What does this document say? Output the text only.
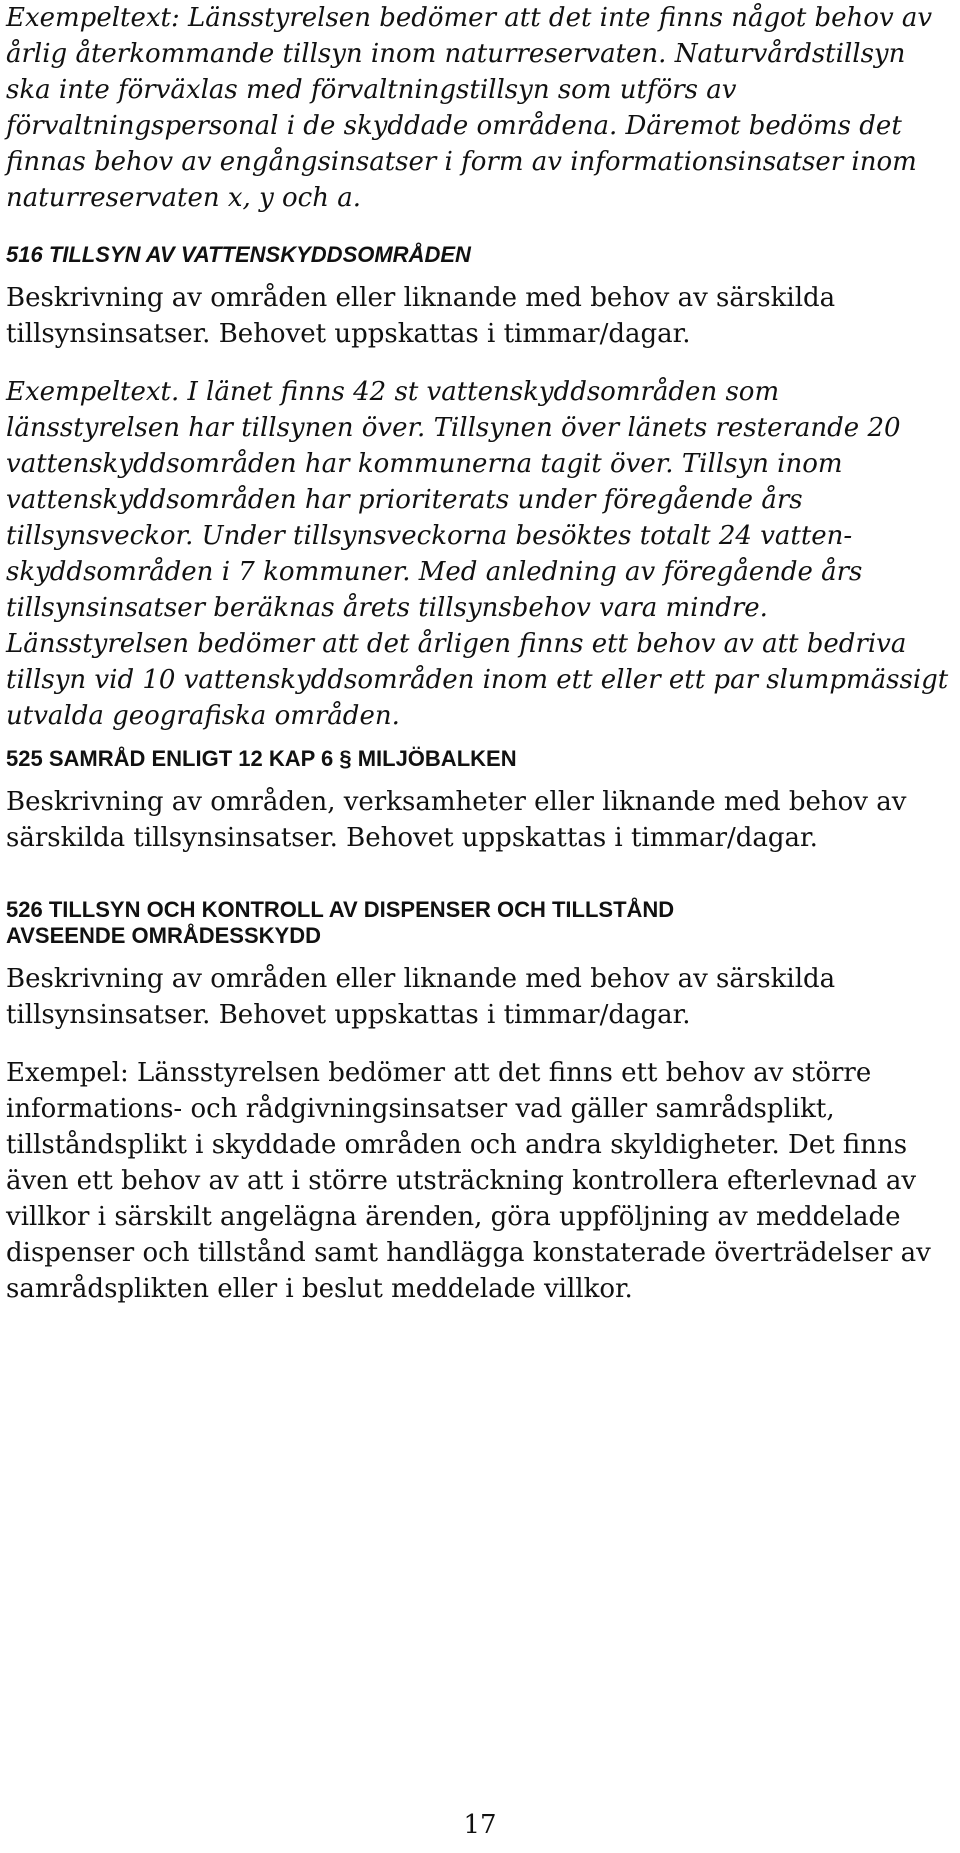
Exempeltext: Länsstyrelsen bedömer att det inte finns något behov av årlig återkommande tillsyn inom naturreservaten. Naturvårdstillsyn ska inte förväxlas med förvaltningstillsyn som utförs av förvaltningspersonal i de skyddade områdena. Däremot bedöms det finnas behov av engångsinsatser i form av informationsinsatser inom naturreservaten x, y och a.

516 TILLSYN AV VATTENSKYDDSOMRÅDEN

Beskrivning av områden eller liknande med behov av särskilda tillsynsinsatser. Behovet uppskattas i timmar/dagar.

Exempeltext. I länet finns 42 st vattenskyddsområden som länsstyrelsen har tillsynen över. Tillsynen över länets resterande 20 vattenskyddsområden har kommunerna tagit över. Tillsyn inom vattenskyddsområden har prioriterats under föregående års tillsynsveckor. Under tillsynsveckorna besöktes totalt 24 vatten-skyddsområden i 7 kommuner. Med anledning av föregående års tillsynsinsatser beräknas årets tillsynsbehov vara mindre. Länsstyrelsen bedömer att det årligen finns ett behov av att bedriva tillsyn vid 10 vattenskyddsområden inom ett eller ett par slumpmässigt utvalda geografiska områden.

525 SAMRÅD ENLIGT 12 KAP 6 § MILJÖBALKEN

Beskrivning av områden, verksamheter eller liknande med behov av särskilda tillsynsinsatser. Behovet uppskattas i timmar/dagar.

526 TILLSYN OCH KONTROLL AV DISPENSER OCH TILLSTÅND AVSEENDE OMRÅDESSKYDD

Beskrivning av områden eller liknande med behov av särskilda tillsynsinsatser. Behovet uppskattas i timmar/dagar.

Exempel: Länsstyrelsen bedömer att det finns ett behov av större informations- och rådgivningsinsatser vad gäller samrådsplikt, tillståndsplikt i skyddade områden och andra skyldigheter. Det finns även ett behov av att i större utsträckning kontrollera efterlevnad av villkor i särskilt angelägna ärenden, göra uppföljning av meddelade dispenser och tillstånd samt handlägga konstaterade överträdelser av samrådsplikten eller i beslut meddelade villkor.

17
